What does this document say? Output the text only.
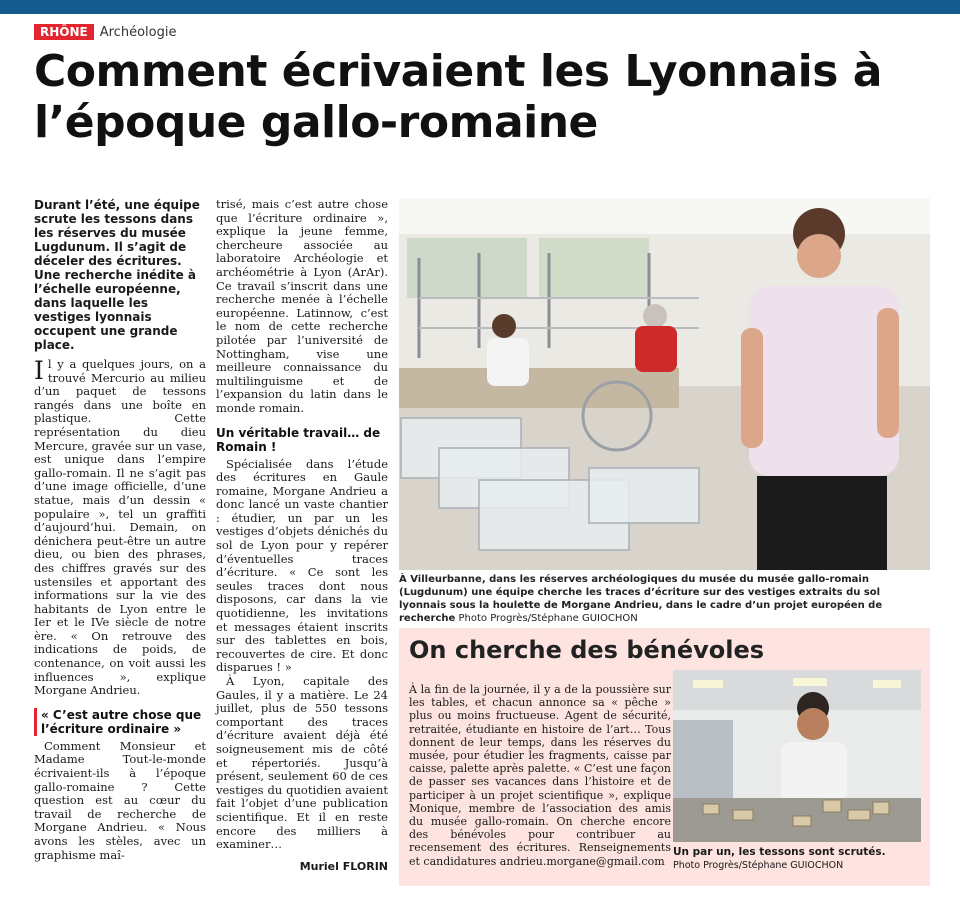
RHÔNE Archéologie
Comment écrivaient les Lyonnais à l’époque gallo-romaine

Durant l’été, une équipe scrute les tessons dans les réserves du musée Lugdunum. Il s’agit de déceler des écritures. Une recherche inédite à l’échelle européenne, dans laquelle les vestiges lyonnais occupent une grande place.

Il y a quelques jours, on a trouvé Mercurio au milieu d’un paquet de tessons rangés dans une boîte en plastique. Cette représentation du dieu Mercure, gravée sur un vase, est unique dans l’empire gallo-romain. Il ne s’agit pas d’une image officielle, d’une statue, mais d’un dessin « populaire », tel un graffiti d’aujourd’hui. Demain, on dénichera peut-être un autre dieu, ou bien des phrases, des chiffres gravés sur des ustensiles et apportant des informations sur la vie des habitants de Lyon entre le Ier et le IVe siècle de notre ère. « On retrouve des indications de poids, de contenance, on voit aussi les influences », explique Morgane Andrieu.

« C’est autre chose que l’écriture ordinaire »

Comment Monsieur et Madame Tout-le-monde écrivaient-ils à l’époque gallo-romaine ? Cette question est au cœur du travail de recherche de Morgane Andrieu. « Nous avons les stèles, avec un graphisme maî-

trisé, mais c’est autre chose que l’écriture ordinaire », explique la jeune femme, chercheure associée au laboratoire Archéologie et archéométrie à Lyon (ArAr). Ce travail s’inscrit dans une recherche menée à l’échelle européenne. Latinnow, c’est le nom de cette recherche pilotée par l’université de Nottingham, vise une meilleure connaissance du multilinguisme et de l’expansion du latin dans le monde romain.

Un véritable travail… de Romain !

Spécialisée dans l’étude des écritures en Gaule romaine, Morgane Andrieu a donc lancé un vaste chantier : étudier, un par un les vestiges d’objets dénichés du sol de Lyon pour y repérer d’éventuelles traces d’écriture. « Ce sont les seules traces dont nous disposons, car dans la vie quotidienne, les invitations et messages étaient inscrits sur des tablettes en bois, recouvertes de cire. Et donc disparues ! »

À Lyon, capitale des Gaules, il y a matière. Le 24 juillet, plus de 550 tessons comportant des traces d’écriture avaient déjà été soigneusement mis de côté et répertoriés. Jusqu’à présent, seulement 60 de ces vestiges du quotidien avaient fait l’objet d’une publication scientifique. Et il en reste encore des milliers à examiner…

Muriel FLORIN

À Villeurbanne, dans les réserves archéologiques du musée du musée gallo-romain (Lugdunum) une équipe cherche les traces d’écriture sur des vestiges extraits du sol lyonnais sous la houlette de Morgane Andrieu, dans le cadre d’un projet européen de recherche Photo Progrès/Stéphane GUIOCHON
On cherche des bénévoles

À la fin de la journée, il y a de la poussière sur les tables, et chacun annonce sa « pêche » plus ou moins fructueuse. Agent de sécurité, retraitée, étudiante en histoire de l’art… Tous donnent de leur temps, dans les réserves du musée, pour étudier les fragments, caisse par caisse, palette après palette. « C’est une façon de passer ses vacances dans l’histoire et de participer à un projet scientifique », explique Monique, membre de l’association des amis du musée gallo-romain. On cherche encore des bénévoles pour contribuer au recensement des écritures. Renseignements et candidatures andrieu.morgane@gmail.com

Un par un, les tessons sont scrutés.
Photo Progrès/Stéphane GUIOCHON
